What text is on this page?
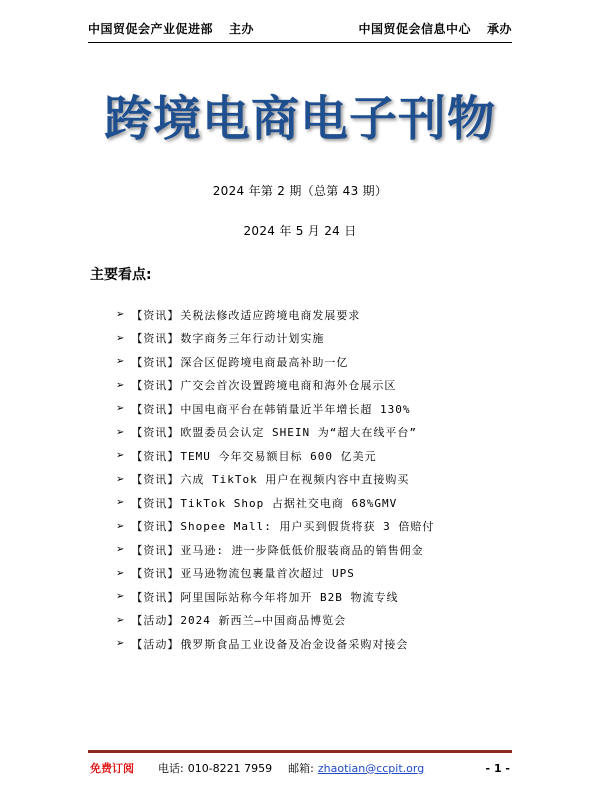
中国贸促会产业促进部 主办	中国贸促会信息中心 承办
跨境电商电子刊物
2024 年第 2 期（总第 43 期）
2024 年 5 月 24 日
主要看点:
➢ 【资讯】 关税法修改适应跨境电商发展要求
➢ 【资讯】 数字商务三年行动计划实施
➢ 【资讯】 深合区促跨境电商最高补助一亿
➢ 【资讯】 广交会首次设置跨境电商和海外仓展示区
➢ 【资讯】 中国电商平台在韩销量近半年增长超 130%
➢ 【资讯】 欧盟委员会认定 SHEIN 为“超大在线平台”
➢ 【资讯】 TEMU 今年交易额目标 600 亿美元
➢ 【资讯】 六成 TikTok 用户在视频内容中直接购买
➢ 【资讯】 TikTok Shop 占据社交电商 68%GMV
➢ 【资讯】 Shopee Mall: 用户买到假货将获 3 倍赔付
➢ 【资讯】 亚马逊: 进一步降低低价服装商品的销售佣金
➢ 【资讯】 亚马逊物流包裹量首次超过 UPS
➢ 【资讯】 阿里国际站称今年将加开 B2B 物流专线
➢ 【活动】 2024 新西兰—中国商品博览会
➢ 【活动】 俄罗斯食品工业设备及冶金设备采购对接会
免费订阅 电话: 010-8221 7959 邮箱: zhaotian@ccpit.org	- 1 -
